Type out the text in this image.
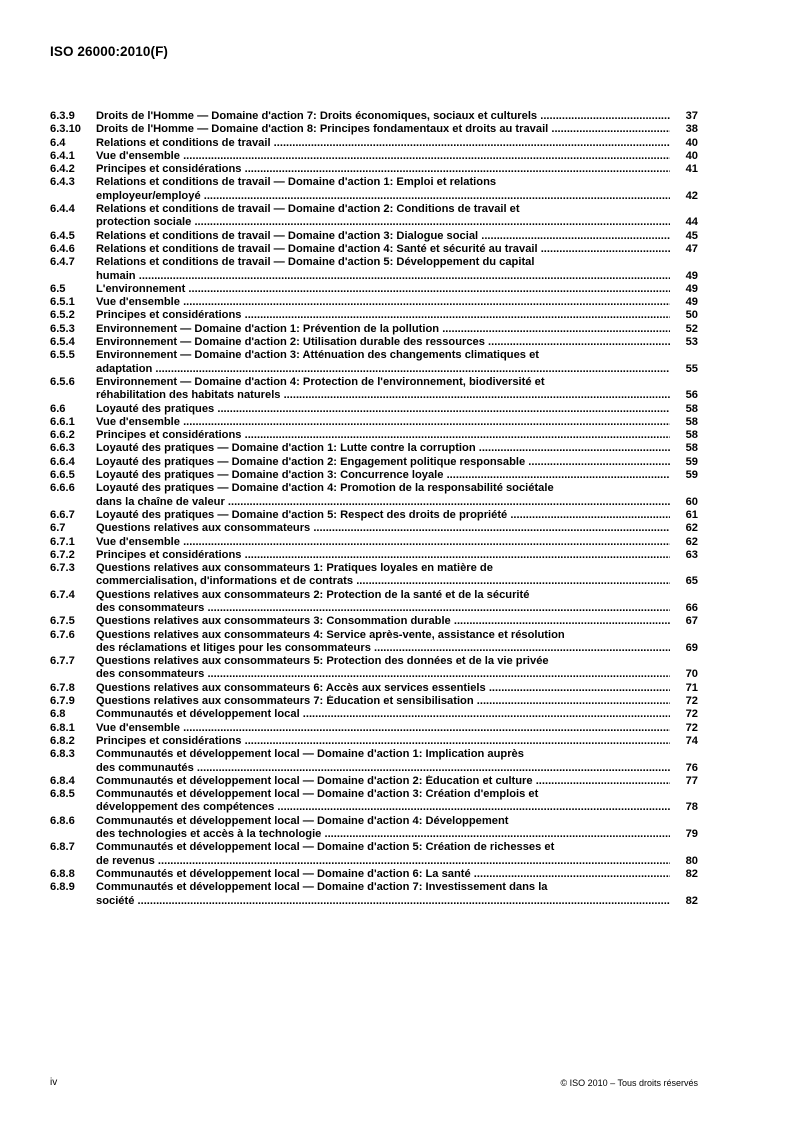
ISO 26000:2010(F)
6.3.9	Droits de l'Homme — Domaine d'action 7: Droits économiques, sociaux et culturels .....	37
6.3.10	Droits de l'Homme — Domaine d'action 8: Principes fondamentaux et droits au travail .....	38
6.4	Relations et conditions de travail .....	40
6.4.1	Vue d'ensemble .....	40
6.4.2	Principes et considérations .....	41
6.4.3	Relations et conditions de travail — Domaine d'action 1: Emploi et relations
employeur/employé .....	42
6.4.4	Relations et conditions de travail — Domaine d'action 2: Conditions de travail et
protection sociale .....	44
6.4.5	Relations et conditions de travail — Domaine d'action 3: Dialogue social .....	45
6.4.6	Relations et conditions de travail — Domaine d'action 4: Santé et sécurité au travail .....	47
6.4.7	Relations et conditions de travail — Domaine d'action 5: Développement du capital
humain .....	49
6.5	L'environnement .....	49
6.5.1	Vue d'ensemble .....	49
6.5.2	Principes et considérations .....	50
6.5.3	Environnement — Domaine d'action 1: Prévention de la pollution .....	52
6.5.4	Environnement — Domaine d'action 2: Utilisation durable des ressources .....	53
6.5.5	Environnement — Domaine d'action 3: Atténuation des changements climatiques et
adaptation .....	55
6.5.6	Environnement — Domaine d'action 4: Protection de l'environnement, biodiversité et
réhabilitation des habitats naturels .....	56
6.6	Loyauté des pratiques .....	58
6.6.1	Vue d'ensemble .....	58
6.6.2	Principes et considérations .....	58
6.6.3	Loyauté des pratiques — Domaine d'action 1: Lutte contre la corruption .....	58
6.6.4	Loyauté des pratiques — Domaine d'action 2: Engagement politique responsable .....	59
6.6.5	Loyauté des pratiques — Domaine d'action 3: Concurrence loyale .....	59
6.6.6	Loyauté des pratiques — Domaine d'action 4: Promotion de la responsabilité sociétale
dans la chaîne de valeur .....	60
6.6.7	Loyauté des pratiques — Domaine d'action 5: Respect des droits de propriété .....	61
6.7	Questions relatives aux consommateurs .....	62
6.7.1	Vue d'ensemble .....	62
6.7.2	Principes et considérations .....	63
6.7.3	Questions relatives aux consommateurs 1: Pratiques loyales en matière de
commercialisation, d'informations et de contrats .....	65
6.7.4	Questions relatives aux consommateurs 2: Protection de la santé et de la sécurité
des consommateurs .....	66
6.7.5	Questions relatives aux consommateurs 3: Consommation durable .....	67
6.7.6	Questions relatives aux consommateurs 4: Service après-vente, assistance et résolution
des réclamations et litiges pour les consommateurs .....	69
6.7.7	Questions relatives aux consommateurs 5: Protection des données et de la vie privée
des consommateurs .....	70
6.7.8	Questions relatives aux consommateurs 6: Accès aux services essentiels .....	71
6.7.9	Questions relatives aux consommateurs 7: Éducation et sensibilisation .....	72
6.8	Communautés et développement local .....	72
6.8.1	Vue d'ensemble .....	72
6.8.2	Principes et considérations .....	74
6.8.3	Communautés et développement local — Domaine d'action 1: Implication auprès
des communautés .....	76
6.8.4	Communautés et développement local — Domaine d'action 2: Éducation et culture .....	77
6.8.5	Communautés et développement local — Domaine d'action 3: Création d'emplois et
développement des compétences .....	78
6.8.6	Communautés et développement local — Domaine d'action 4: Développement
des technologies et accès à la technologie .....	79
6.8.7	Communautés et développement local — Domaine d'action 5: Création de richesses et
de revenus .....	80
6.8.8	Communautés et développement local — Domaine d'action 6: La santé .....	82
6.8.9	Communautés et développement local — Domaine d'action 7: Investissement dans la
société .....	82
iv	© ISO 2010 – Tous droits réservés
